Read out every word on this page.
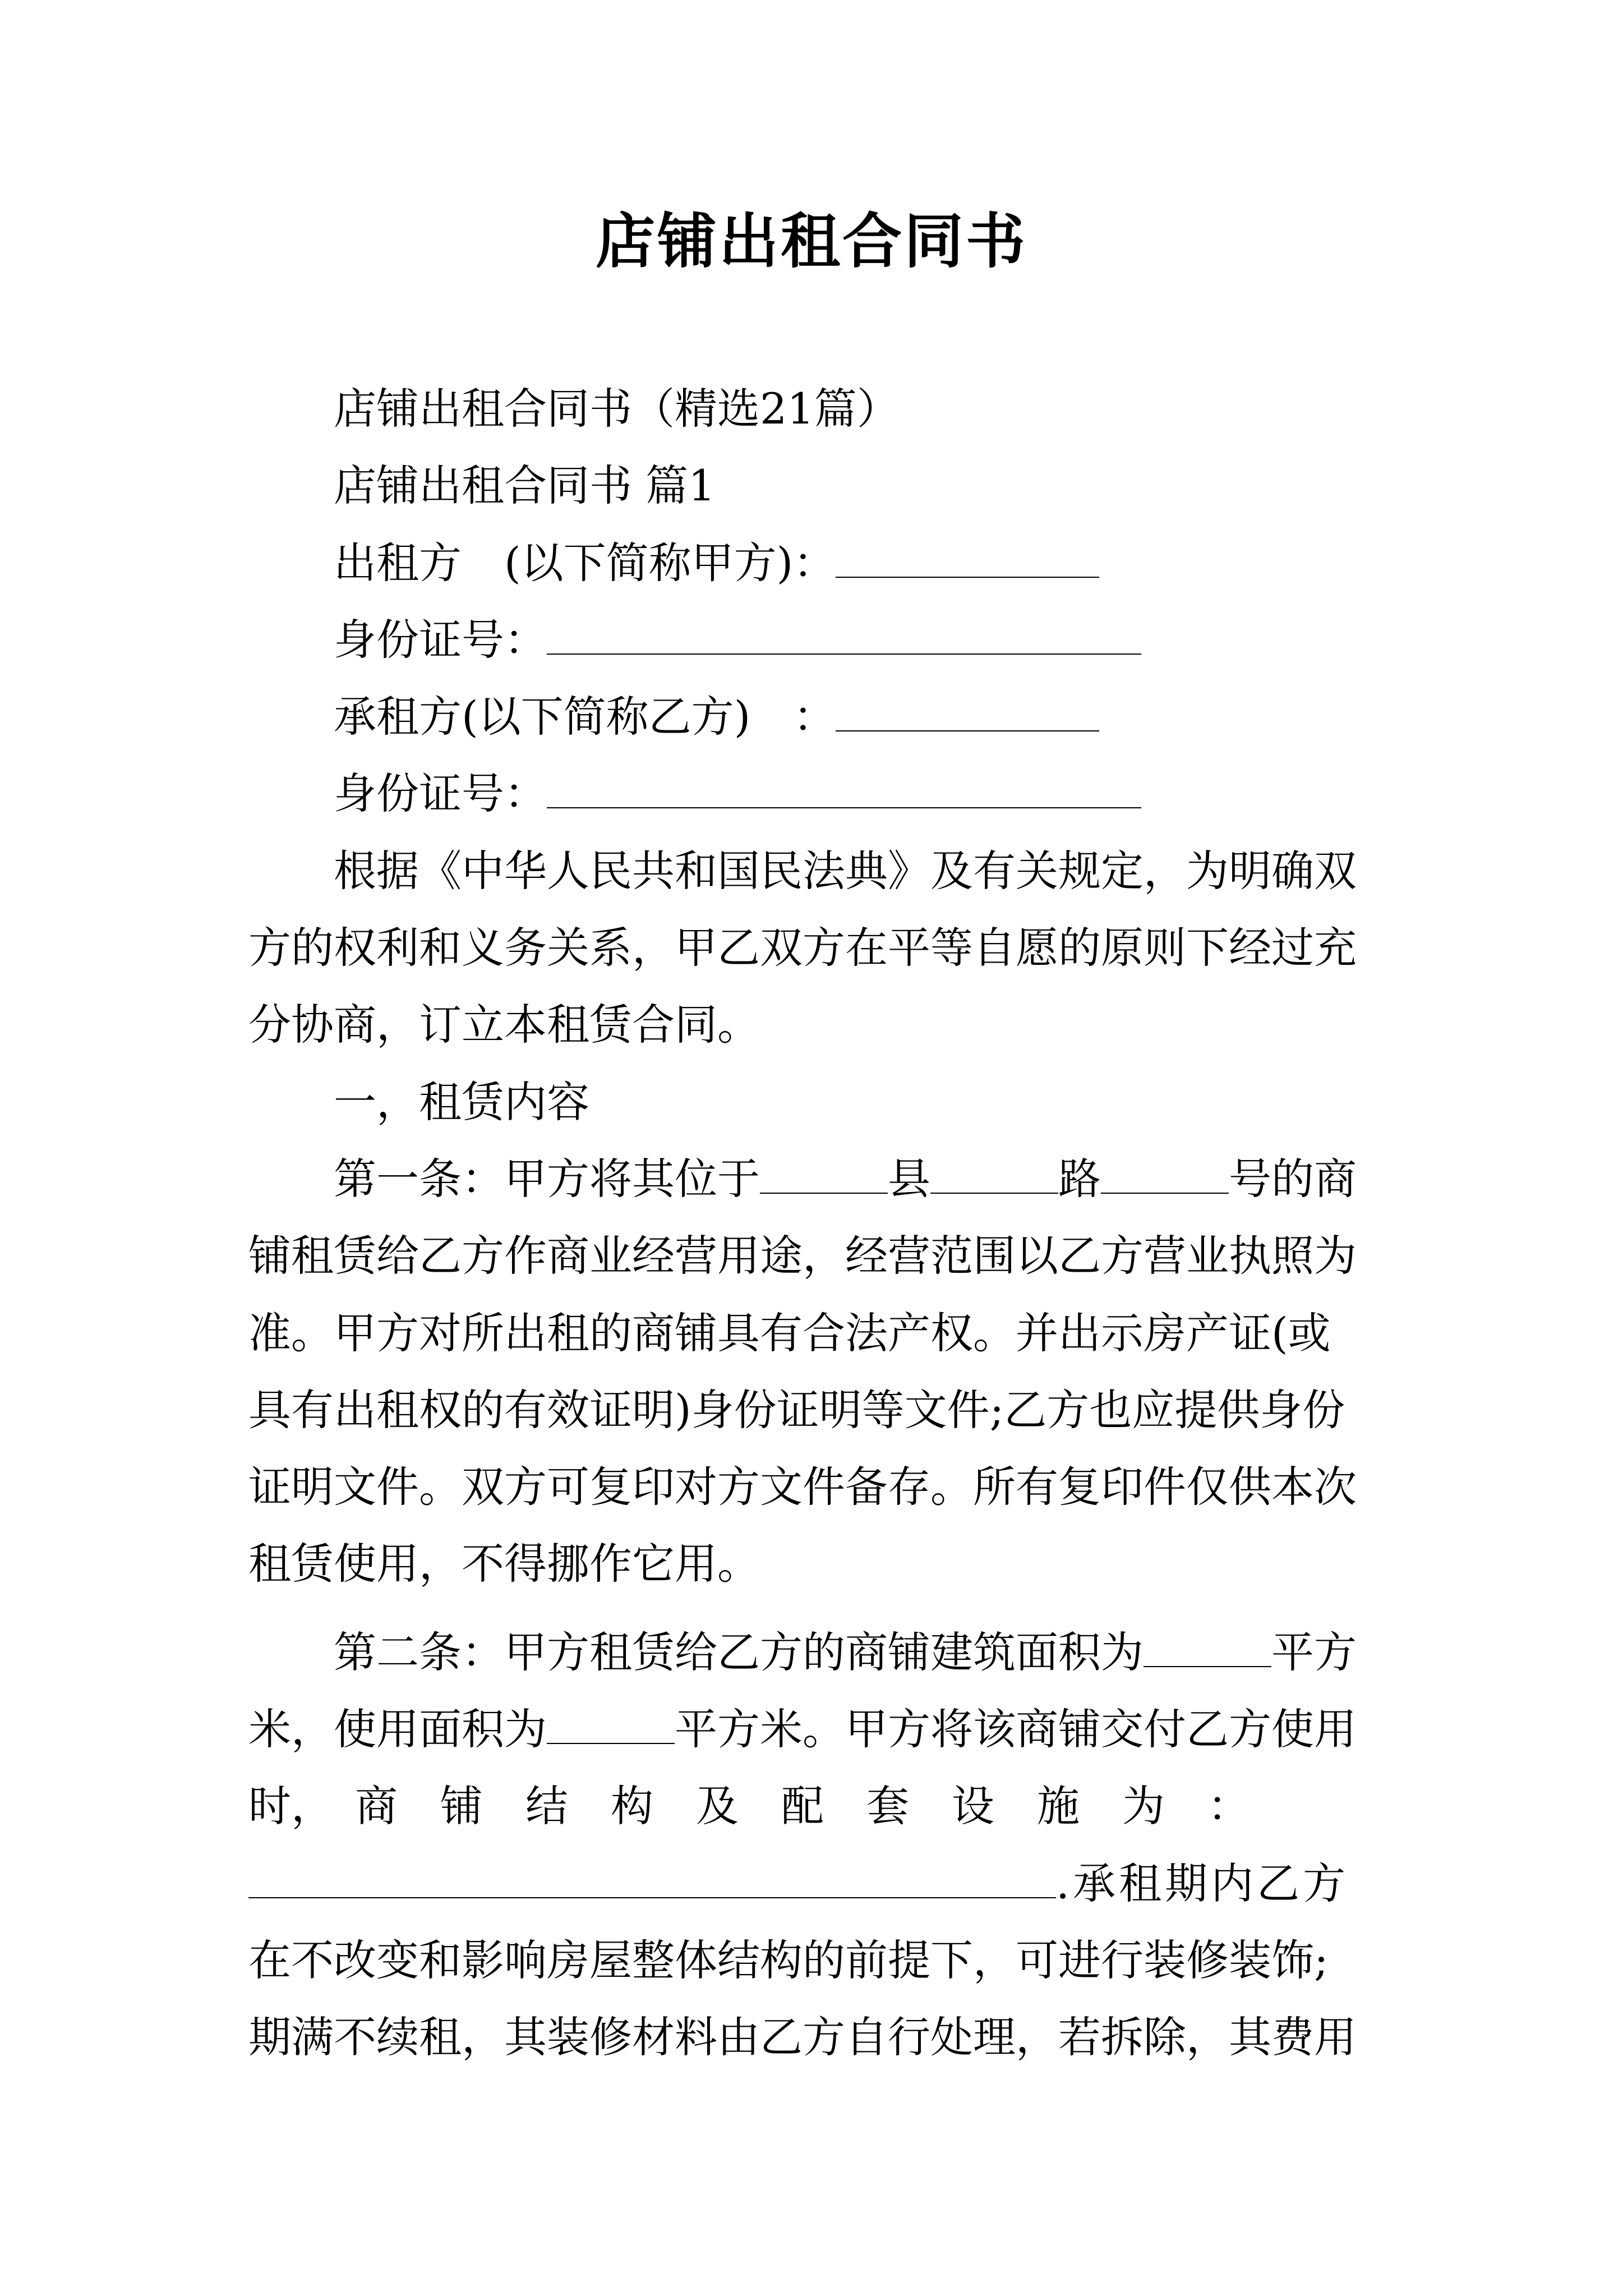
店铺出租合同书
店铺出租合同书（精选21篇）
店铺出租合同书 篇1
出租方　(以下简称甲方)：
身份证号：
承租方(以下简称乙方)　：
身份证号：
根据《中华人民共和国民法典》及有关规定，为明确双
方的权利和义务关系，甲乙双方在平等自愿的原则下经过充
分协商，订立本租赁合同。
一，租赁内容
第一条：甲方将其位于	县	路	号的商
铺租赁给乙方作商业经营用途，经营范围以乙方营业执照为
准。甲方对所出租的商铺具有合法产权。并出示房产证(或
具有出租权的有效证明)身份证明等文件;乙方也应提供身份
证明文件。双方可复印对方文件备存。所有复印件仅供本次
租赁使用，不得挪作它用。
第二条：甲方租赁给乙方的商铺建筑面积为	平方
米，使用面积为	平方米。甲方将该商铺交付乙方使用
时，　商　铺　结　构　及　配　套　设　施　为　：
.承租期内乙方
在不改变和影响房屋整体结构的前提下，可进行装修装饰;
期满不续租，其装修材料由乙方自行处理，若拆除，其费用
